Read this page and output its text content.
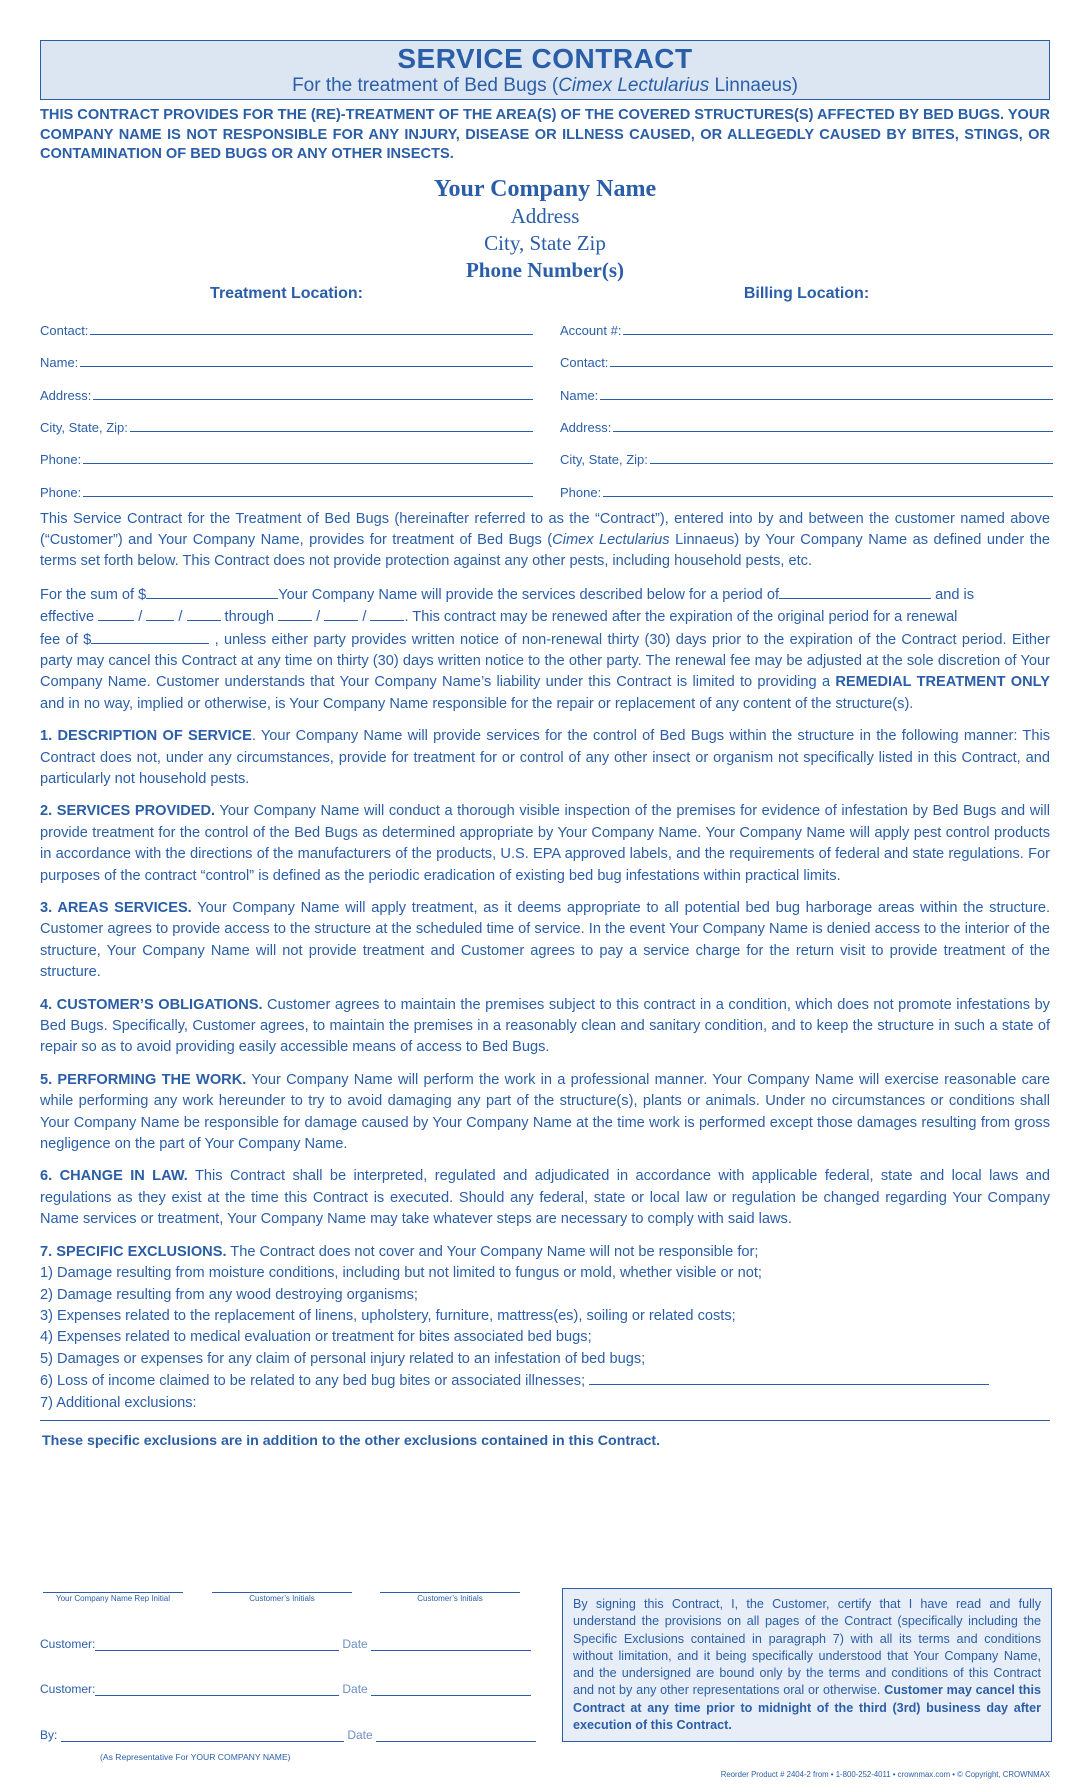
SERVICE CONTRACT
For the treatment of Bed Bugs (Cimex Lectularius Linnaeus)
THIS CONTRACT PROVIDES FOR THE (RE)-TREATMENT OF THE AREA(S) OF THE COVERED STRUCTURES(S) AFFECTED BY BED BUGS. YOUR COMPANY NAME IS NOT RESPONSIBLE FOR ANY INJURY, DISEASE OR ILLNESS CAUSED, OR ALLEGEDLY CAUSED BY BITES, STINGS, OR CONTAMINATION OF BED BUGS OR ANY OTHER INSECTS.
Your Company Name
Address
City, State Zip
Phone Number(s)
Treatment Location:
Contact:
Name:
Address:
City, State, Zip:
Phone:
Phone:
Billing Location:
Account #:
Contact:
Name:
Address:
City, State, Zip:
Phone:

This Service Contract for the Treatment of Bed Bugs (hereinafter referred to as the “Contract”), entered into by and between the customer named above (“Customer”) and Your Company Name, provides for treatment of Bed Bugs (Cimex Lectularius Linnaeus) by Your Company Name as defined under the terms set forth below. This Contract does not provide protection against any other pests, including household pests, etc.

For the sum of $	Your Company Name will provide the services described below for a period of	and is
effective	/  /  through  /  / . This contract may be renewed after the expiration of the original period for a renewal
fee of $	, unless either party provides written notice of non-renewal thirty (30) days prior to the expiration of the Contract period. Either party may cancel this Contract at any time on thirty (30) days written notice to the other party. The renewal fee may be adjusted at the sole discretion of Your Company Name. Customer understands that Your Company Name’s liability under this Contract is limited to providing a REMEDIAL TREATMENT ONLY and in no way, implied or otherwise, is Your Company Name responsible for the repair or replacement of any content of the structure(s).

1. DESCRIPTION OF SERVICE. Your Company Name will provide services for the control of Bed Bugs within the structure in the following manner: This Contract does not, under any circumstances, provide for treatment for or control of any other insect or organism not specifically listed in this Contract, and particularly not household pests.

2. SERVICES PROVIDED. Your Company Name will conduct a thorough visible inspection of the premises for evidence of infestation by Bed Bugs and will provide treatment for the control of the Bed Bugs as determined appropriate by Your Company Name. Your Company Name will apply pest control products in accordance with the directions of the manufacturers of the products, U.S. EPA approved labels, and the requirements of federal and state regulations. For purposes of the contract “control” is defined as the periodic eradication of existing bed bug infestations within practical limits.

3. AREAS SERVICES. Your Company Name will apply treatment, as it deems appropriate to all potential bed bug harborage areas within the structure. Customer agrees to provide access to the structure at the scheduled time of service. In the event Your Company Name is denied access to the interior of the structure, Your Company Name will not provide treatment and Customer agrees to pay a service charge for the return visit to provide treatment of the structure.

4. CUSTOMER’S OBLIGATIONS. Customer agrees to maintain the premises subject to this contract in a condition, which does not promote infestations by Bed Bugs. Specifically, Customer agrees, to maintain the premises in a reasonably clean and sanitary condition, and to keep the structure in such a state of repair so as to avoid providing easily accessible means of access to Bed Bugs.

5. PERFORMING THE WORK. Your Company Name will perform the work in a professional manner. Your Company Name will exercise reasonable care while performing any work hereunder to try to avoid damaging any part of the structure(s), plants or animals. Under no circumstances or conditions shall Your Company Name be responsible for damage caused by Your Company Name at the time work is performed except those damages resulting from gross negligence on the part of Your Company Name.

6. CHANGE IN LAW. This Contract shall be interpreted, regulated and adjudicated in accordance with applicable federal, state and local laws and regulations as they exist at the time this Contract is executed. Should any federal, state or local law or regulation be changed regarding Your Company Name services or treatment, Your Company Name may take whatever steps are necessary to comply with said laws.

7. SPECIFIC EXCLUSIONS. The Contract does not cover and Your Company Name will not be responsible for;
1) Damage resulting from moisture conditions, including but not limited to fungus or mold, whether visible or not;
2) Damage resulting from any wood destroying organisms;
3) Expenses related to the replacement of linens, upholstery, furniture, mattress(es), soiling or related costs;
4) Expenses related to medical evaluation or treatment for bites associated bed bugs;
5) Damages or expenses for any claim of personal injury related to an infestation of bed bugs;
6) Loss of income claimed to be related to any bed bug bites or associated illnesses;
7) Additional exclusions:
These specific exclusions are in addition to the other exclusions contained in this Contract.
Your Company Name Rep Initial	Customer’s Initials	Customer’s Initials
Customer:	Date
Customer:	Date
By:	Date
(As Representative For YOUR COMPANY NAME)
By signing this Contract, I, the Customer, certify that I have read and fully understand the provisions on all pages of the Contract (specifically including the Specific Exclusions contained in paragraph 7) with all its terms and conditions without limitation, and it being specifically understood that Your Company Name, and the undersigned are bound only by the terms and conditions of this Contract and not by any other representations oral or otherwise. Customer may cancel this Contract at any time prior to midnight of the third (3rd) business day after execution of this Contract.
Reorder Product # 2404-2 from • 1-800-252-4011 • crownmax.com • © Copyright, CROWNMAX
